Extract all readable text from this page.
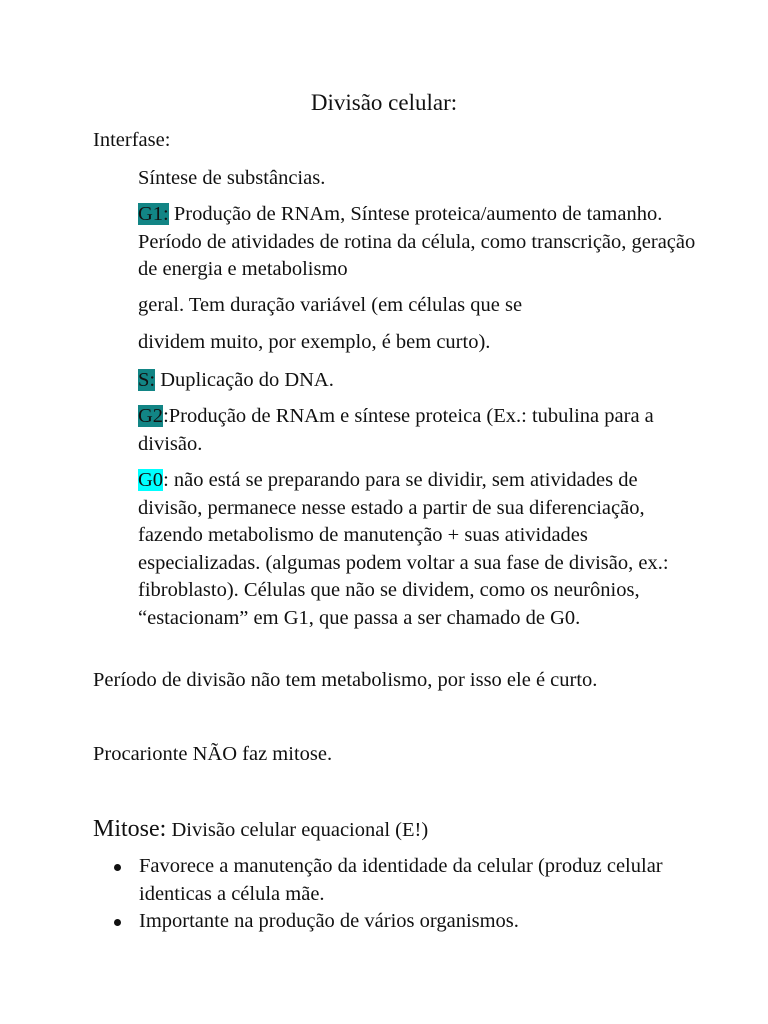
Divisão celular:

Interfase:

Síntese de substâncias.

G1: Produção de RNAm, Síntese proteica/aumento de tamanho. Período de atividades de rotina da célula, como transcrição, geração de energia e metabolismo

geral. Tem duração variável (em células que se

dividem muito, por exemplo, é bem curto).

S: Duplicação do DNA.

G2:Produção de RNAm e síntese proteica (Ex.: tubulina para a divisão.

G0: não está se preparando para se dividir, sem atividades de divisão, permanece nesse estado a partir de sua diferenciação, fazendo metabolismo de manutenção + suas atividades especializadas. (algumas podem voltar a sua fase de divisão, ex.: fibroblasto). Células que não se dividem, como os neurônios, “estacionam” em G1, que passa a ser chamado de G0.

Período de divisão não tem metabolismo, por isso ele é curto.

Procarionte NÃO faz mitose.

Mitose: Divisão celular equacional (E!)

Favorece a manutenção da identidade da celular (produz celular identicas a célula mãe.
Importante na produção de vários organismos.
